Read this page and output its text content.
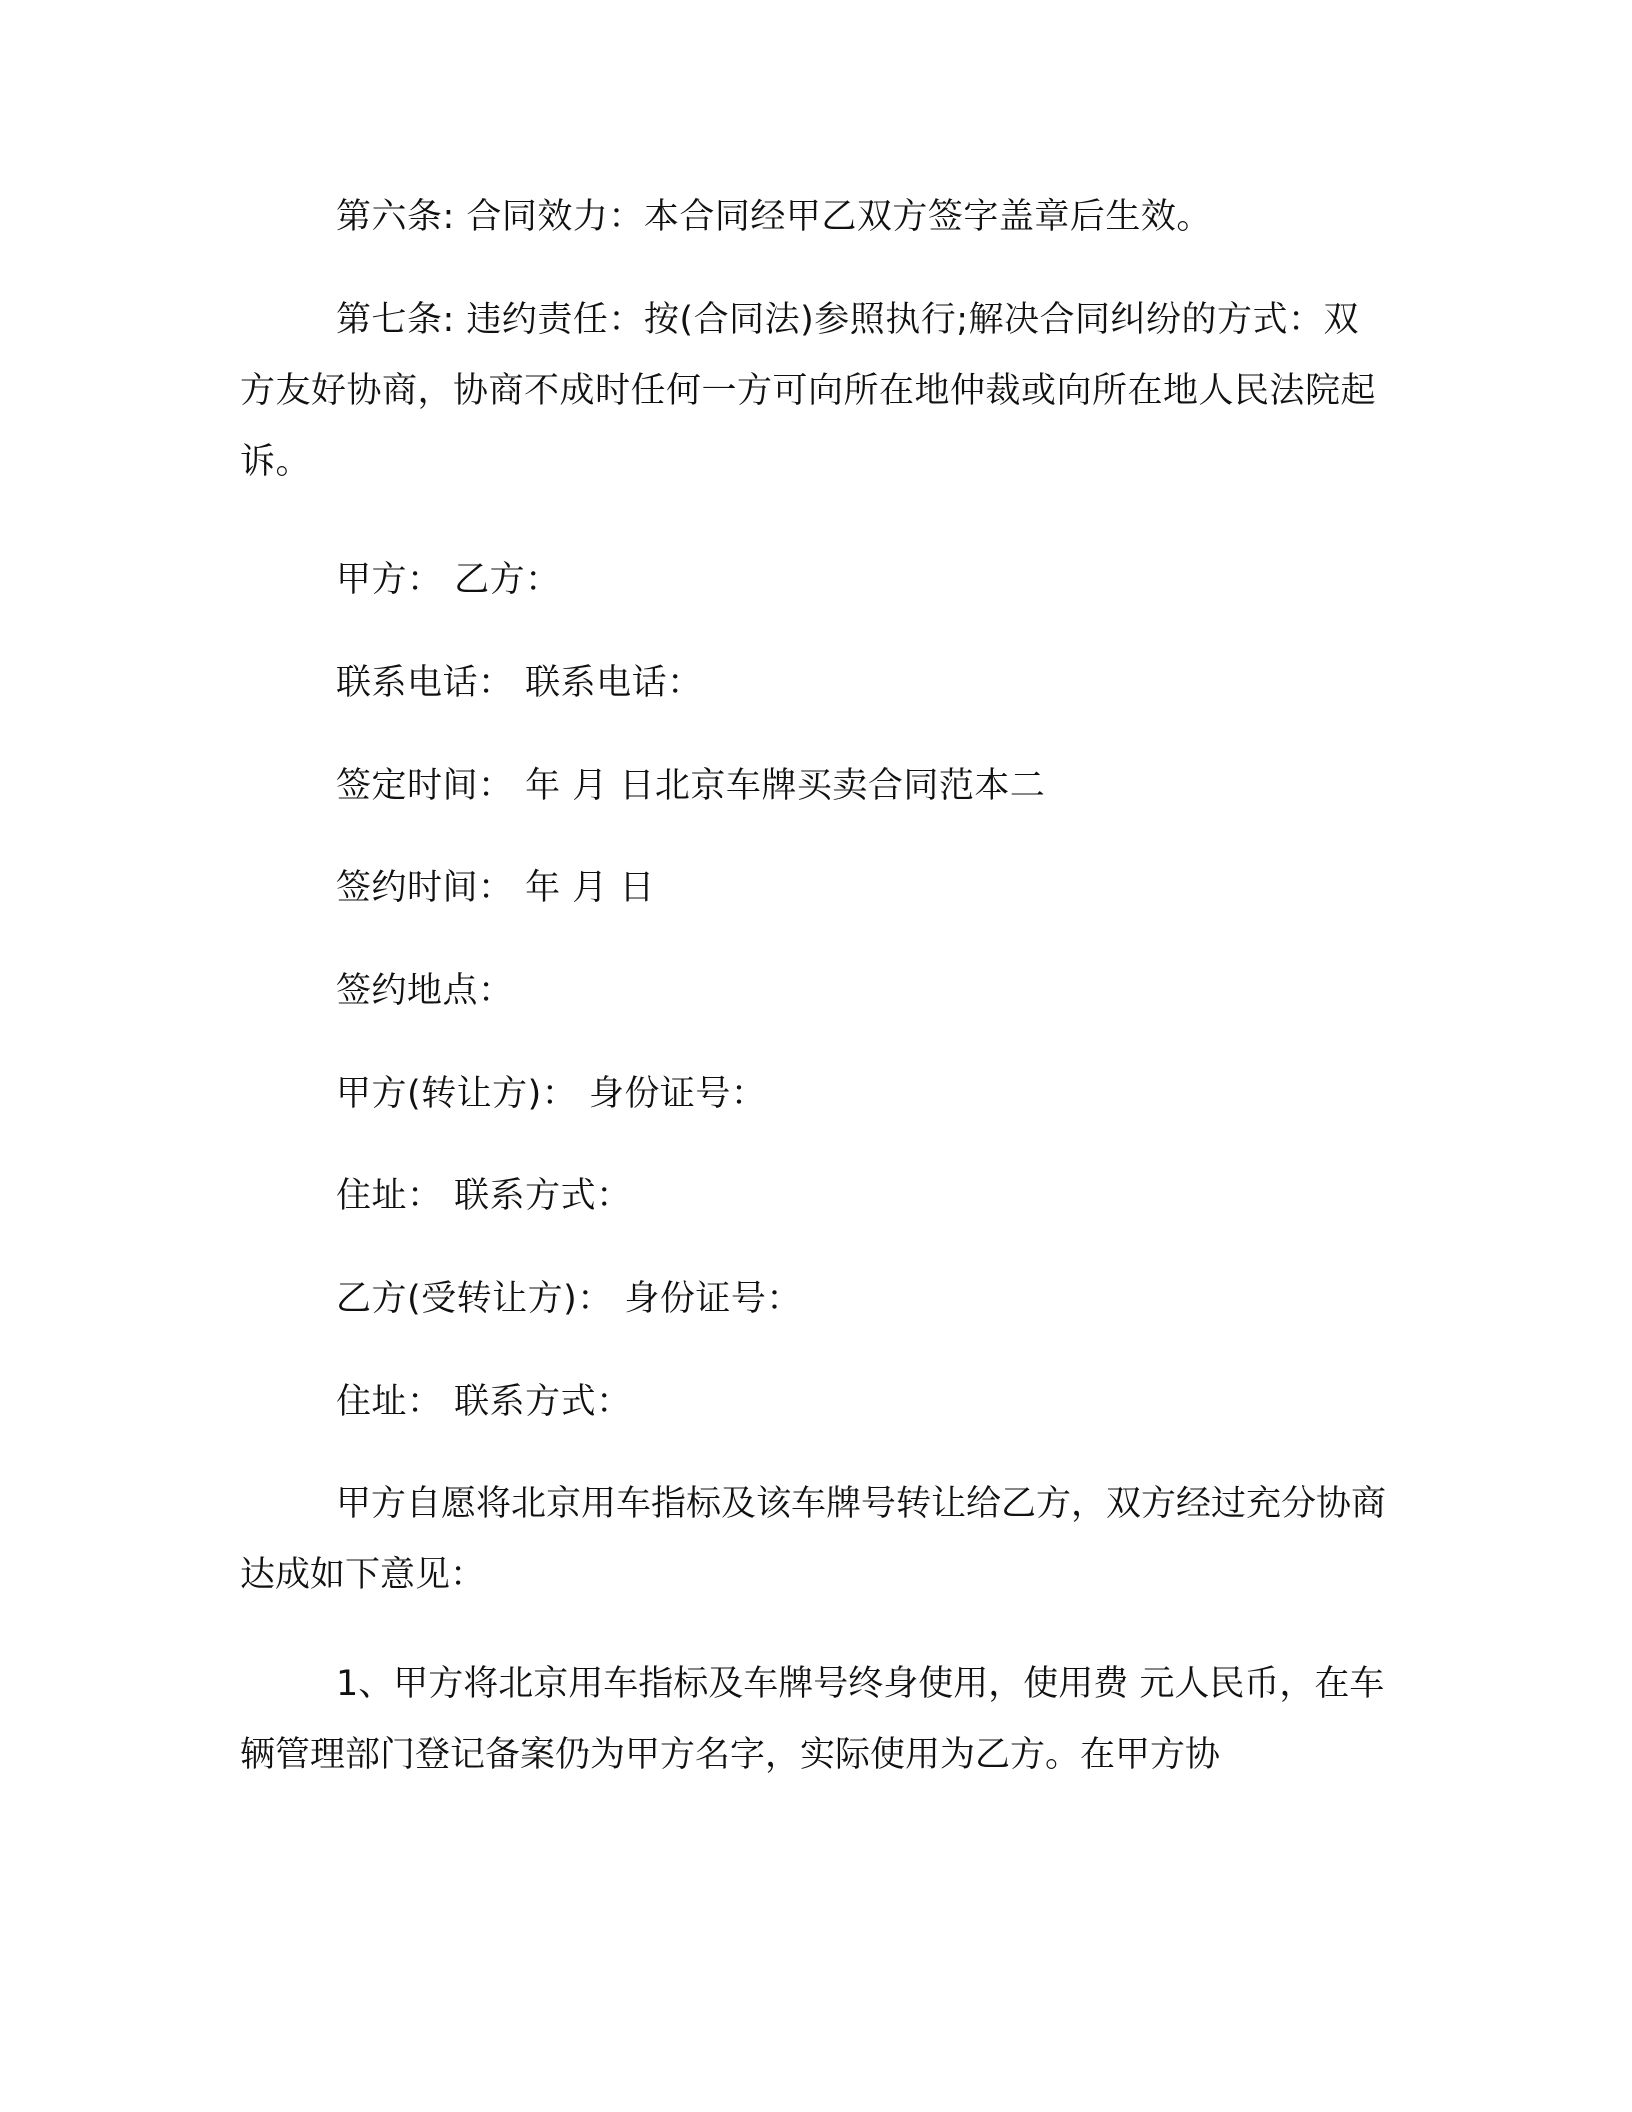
第六条: 合同效力：本合同经甲乙双方签字盖章后生效。

第七条: 违约责任：按(合同法)参照执行;解决合同纠纷的方式：双方友好协商，协商不成时任何一方可向所在地仲裁或向所在地人民法院起诉。

甲方： 乙方：

联系电话： 联系电话：

签定时间： 年 月 日北京车牌买卖合同范本二

签约时间： 年 月 日

签约地点：

甲方(转让方)： 身份证号：

住址： 联系方式：

乙方(受转让方)： 身份证号：

住址： 联系方式：

甲方自愿将北京用车指标及该车牌号转让给乙方，双方经过充分协商达成如下意见：

1、甲方将北京用车指标及车牌号终身使用，使用费 元人民币，在车辆管理部门登记备案仍为甲方名字，实际使用为乙方。在甲方协
